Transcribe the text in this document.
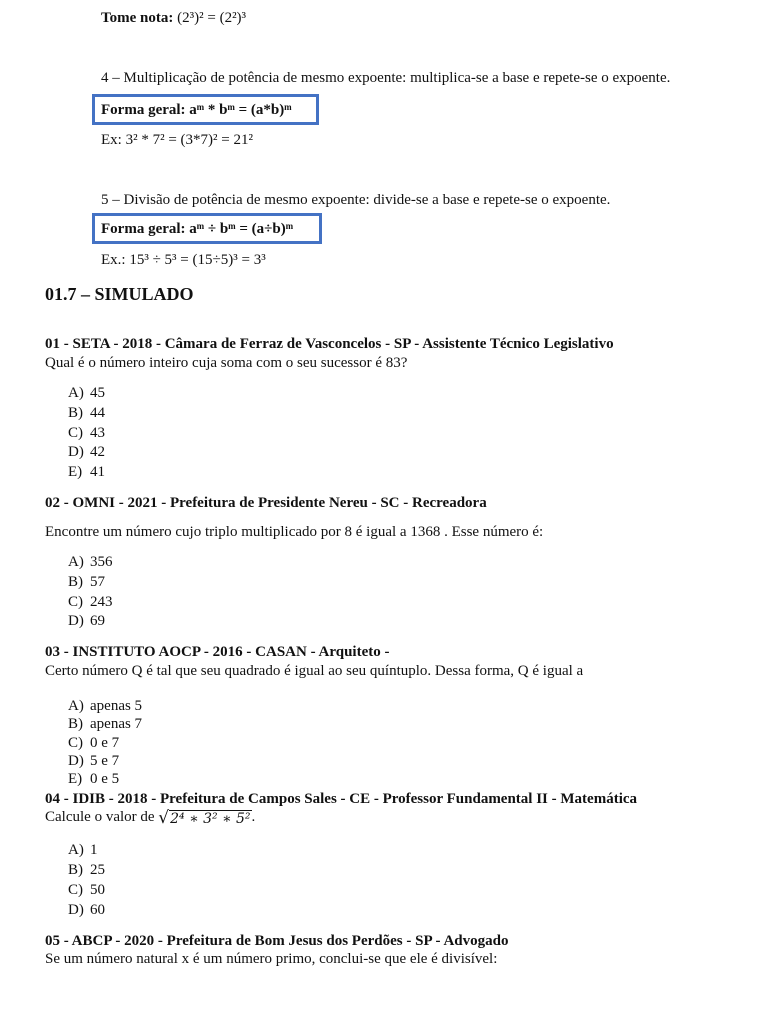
Tome nota: (2³)² = (2²)³
4 – Multiplicação de potência de mesmo expoente: multiplica-se a base e repete-se o expoente.
Forma geral: aᵐ * bᵐ = (a*b)ᵐ
Ex: 3² * 7² = (3*7)² = 21²
5 – Divisão de potência de mesmo expoente: divide-se a base e repete-se o expoente.
Forma geral: aᵐ ÷ bᵐ = (a÷b)ᵐ
Ex.: 15³ ÷ 5³ = (15÷5)³ = 3³
01.7 – SIMULADO
01 - SETA - 2018 - Câmara de Ferraz de Vasconcelos - SP - Assistente Técnico Legislativo
Qual é o número inteiro cuja soma com o seu sucessor é 83?
A) 45
B) 44
C) 43
D) 42
E) 41
02 - OMNI - 2021 - Prefeitura de Presidente Nereu - SC - Recreadora
Encontre um número cujo triplo multiplicado por 8 é igual a 1368 . Esse número é:
A) 356
B) 57
C) 243
D) 69
03 - INSTITUTO AOCP - 2016 - CASAN - Arquiteto -
Certo número Q é tal que seu quadrado é igual ao seu quíntuplo. Dessa forma, Q é igual a
A) apenas 5
B) apenas 7
C) 0 e 7
D) 5 e 7
E) 0 e 5
04 - IDIB - 2018 - Prefeitura de Campos Sales - CE - Professor Fundamental II - Matemática
Calcule o valor de √2⁴ ∗ 3² ∗ 5².
A) 1
B) 25
C) 50
D) 60
05 - ABCP - 2020 - Prefeitura de Bom Jesus dos Perdões - SP - Advogado
Se um número natural x é um número primo, conclui-se que ele é divisível:
